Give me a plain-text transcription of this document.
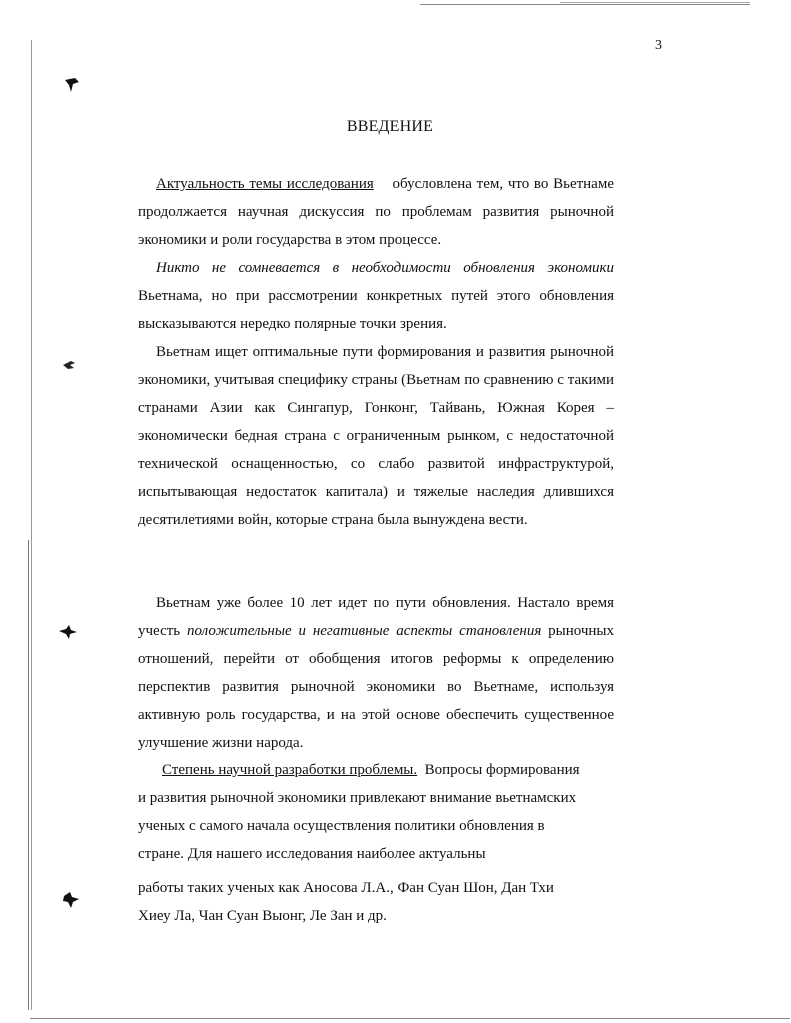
3
ВВЕДЕНИЕ

Актуальность темы исследования обусловлена тем, что во Вьетнаме продолжается научная дискуссия по проблемам развития рыночной экономики и роли государства в этом процессе.

Никто не сомневается в необходимости обновления экономики Вьетнама, но при рассмотрении конкретных путей этого обновления высказываются нередко полярные точки зрения.

Вьетнам ищет оптимальные пути формирования и развития рыночной экономики, учитывая специфику страны (Вьетнам по сравнению с такими странами Азии как Сингапур, Гонконг, Тайвань, Южная Корея – экономически бедная страна с ограниченным рынком, с недостаточной технической оснащенностью, со слабо развитой инфраструктурой, испытывающая недостаток капитала) и тяжелые наследия длившихся десятилетиями войн, которые страна была вынуждена вести.

Вьетнам уже более 10 лет идет по пути обновления. Настало время учесть положительные и негативные аспекты становления рыночных отношений, перейти от обобщения итогов реформы к определению перспектив развития рыночной экономики во Вьетнаме, используя активную роль государства, и на этой основе обеспечить существенное улучшение жизни народа.

Степень научной разработки проблемы. Вопросы формирования
и развития рыночной экономики привлекают внимание вьетнамских
ученых с самого начала осуществления политики обновления в
стране. Для нашего исследования наиболее актуальны
работы таких ученых как Аносова Л.А., Фан Суан Шон, Дан Тхи
Хиеу Ла, Чан Суан Выонг, Ле Зан и др.
